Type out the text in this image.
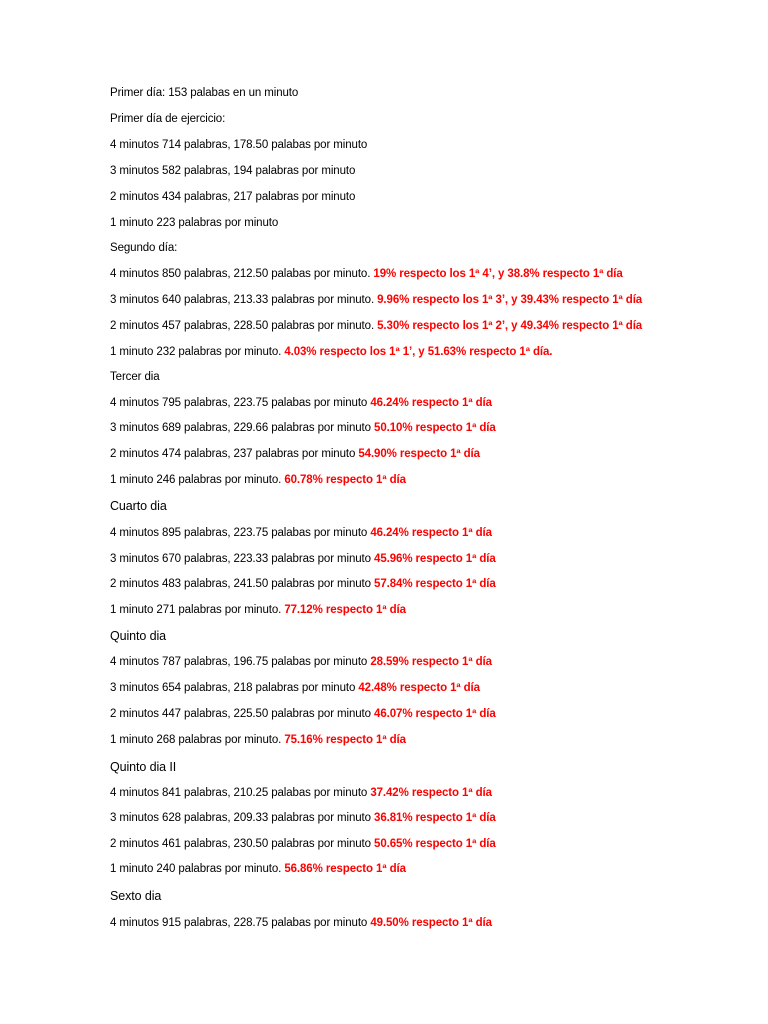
Primer día: 153 palabas en un minuto
Primer día de ejercicio:
4 minutos 714 palabras, 178.50 palabas por minuto
3 minutos 582 palabras, 194 palabras por minuto
2 minutos 434 palabras, 217 palabras por minuto
1 minuto 223 palabras por minuto
Segundo día:
4 minutos 850 palabras, 212.50 palabas por minuto. 19% respecto los 1ª 4’, y 38.8% respecto 1ª día
3 minutos 640 palabras, 213.33 palabras por minuto. 9.96% respecto los 1ª 3’, y 39.43% respecto 1ª día
2 minutos 457 palabras, 228.50 palabras por minuto. 5.30% respecto los 1ª 2’, y 49.34% respecto 1ª día
1 minuto 232 palabras por minuto. 4.03% respecto los 1ª 1’, y 51.63% respecto 1ª día.
Tercer dia
4 minutos 795 palabras, 223.75 palabas por minuto 46.24% respecto 1ª día
3 minutos 689 palabras, 229.66 palabras por minuto 50.10% respecto 1ª día
2 minutos 474 palabras, 237 palabras por minuto 54.90% respecto 1ª día
1 minuto 246 palabras por minuto. 60.78% respecto 1ª día
Cuarto dia
4 minutos 895 palabras, 223.75 palabas por minuto 46.24% respecto 1ª día
3 minutos 670 palabras, 223.33 palabras por minuto 45.96% respecto 1ª día
2 minutos 483 palabras, 241.50 palabras por minuto 57.84% respecto 1ª día
1 minuto 271 palabras por minuto. 77.12% respecto 1ª día
Quinto dia
4 minutos 787 palabras, 196.75 palabas por minuto 28.59% respecto 1ª día
3 minutos 654 palabras, 218 palabras por minuto 42.48% respecto 1ª día
2 minutos 447 palabras, 225.50 palabras por minuto 46.07% respecto 1ª día
1 minuto 268 palabras por minuto. 75.16% respecto 1ª día
Quinto dia II
4 minutos 841 palabras, 210.25 palabas por minuto 37.42% respecto 1ª día
3 minutos 628 palabras, 209.33 palabras por minuto 36.81% respecto 1ª día
2 minutos 461 palabras, 230.50 palabras por minuto 50.65% respecto 1ª día
1 minuto 240 palabras por minuto. 56.86% respecto 1ª día
Sexto dia
4 minutos 915 palabras, 228.75 palabas por minuto 49.50% respecto 1ª día
